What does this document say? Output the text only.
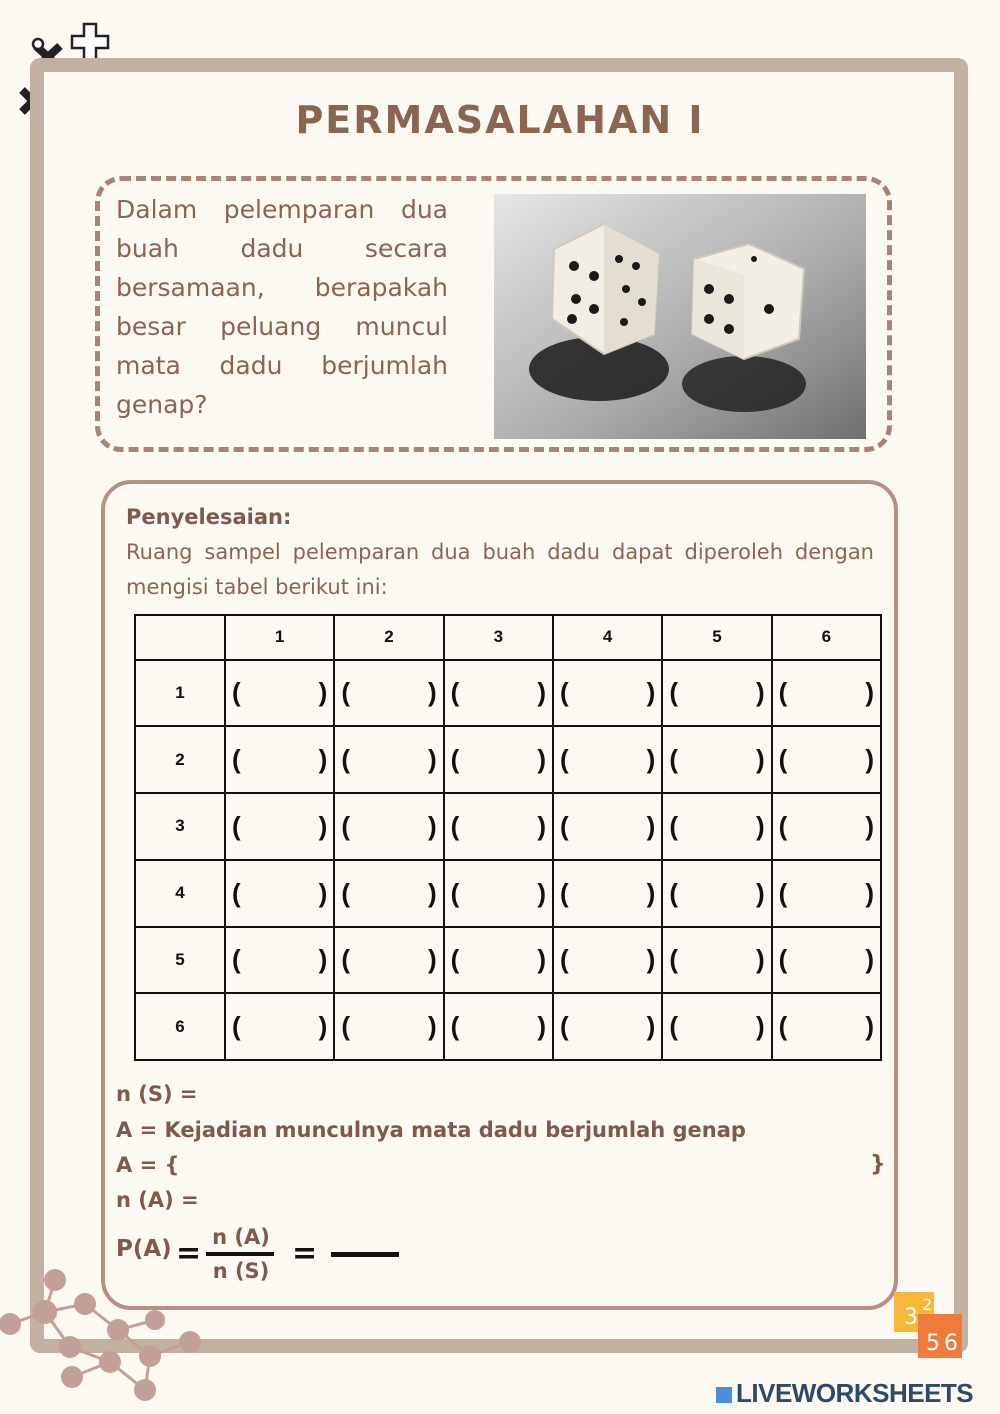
PERMASALAHAN I
Dalam pelemparan dua buah dadu secara bersamaan, berapakah besar peluang muncul mata dadu berjumlah genap?
Penyelesaian:
Ruang sampel pelemparan dua buah dadu dapat diperoleh dengan mengisi tabel berikut ini:
	1	2	3	4	5	6
1	( )	( )	( )	( )	( )	( )

2	( )	( )	( )	( )	( )	( )

3	( )	( )	( )	( )	( )	( )

4	( )	( )	( )	( )	( )	( )

5	( )	( )	( )	( )	( )	( )

6	( )	( )	( )	( )	( )	( )
n (S) =
A = Kejadian munculnya mata dadu berjumlah genap
A = {	}
n (A) =
P(A) = n (A)
n (S) =
3
2
5 6
LIVEWORKSHEETS
